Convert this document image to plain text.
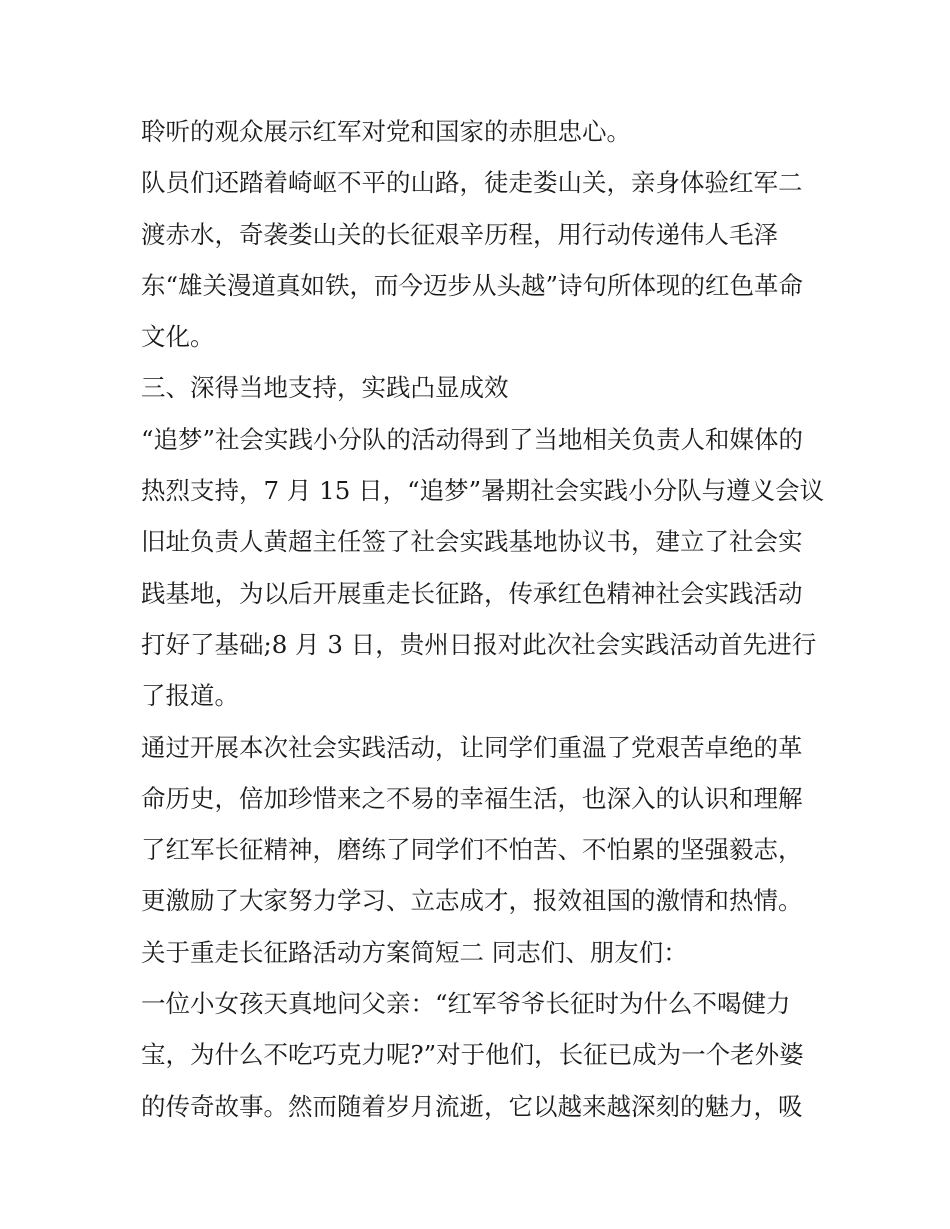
聆听的观众展示红军对党和国家的赤胆忠心。
队员们还踏着崎岖不平的山路，徒走娄山关，亲身体验红军二
渡赤水，奇袭娄山关的长征艰辛历程，用行动传递伟人毛泽
东“雄关漫道真如铁，而今迈步从头越”诗句所体现的红色革命
文化。
三、深得当地支持，实践凸显成效
“追梦”社会实践小分队的活动得到了当地相关负责人和媒体的
热烈支持，7 月 15 日，“追梦”暑期社会实践小分队与遵义会议
旧址负责人黄超主任签了社会实践基地协议书，建立了社会实
践基地，为以后开展重走长征路，传承红色精神社会实践活动
打好了基础;8 月 3 日，贵州日报对此次社会实践活动首先进行
了报道。
通过开展本次社会实践活动，让同学们重温了党艰苦卓绝的革
命历史，倍加珍惜来之不易的幸福生活，也深入的认识和理解
了红军长征精神，磨练了同学们不怕苦、不怕累的坚强毅志，
更激励了大家努力学习、立志成才，报效祖国的激情和热情。
关于重走长征路活动方案简短二 同志们、朋友们：
一位小女孩天真地问父亲：“红军爷爷长征时为什么不喝健力
宝，为什么不吃巧克力呢?”对于他们，长征已成为一个老外婆
的传奇故事。然而随着岁月流逝，它以越来越深刻的魅力，吸
